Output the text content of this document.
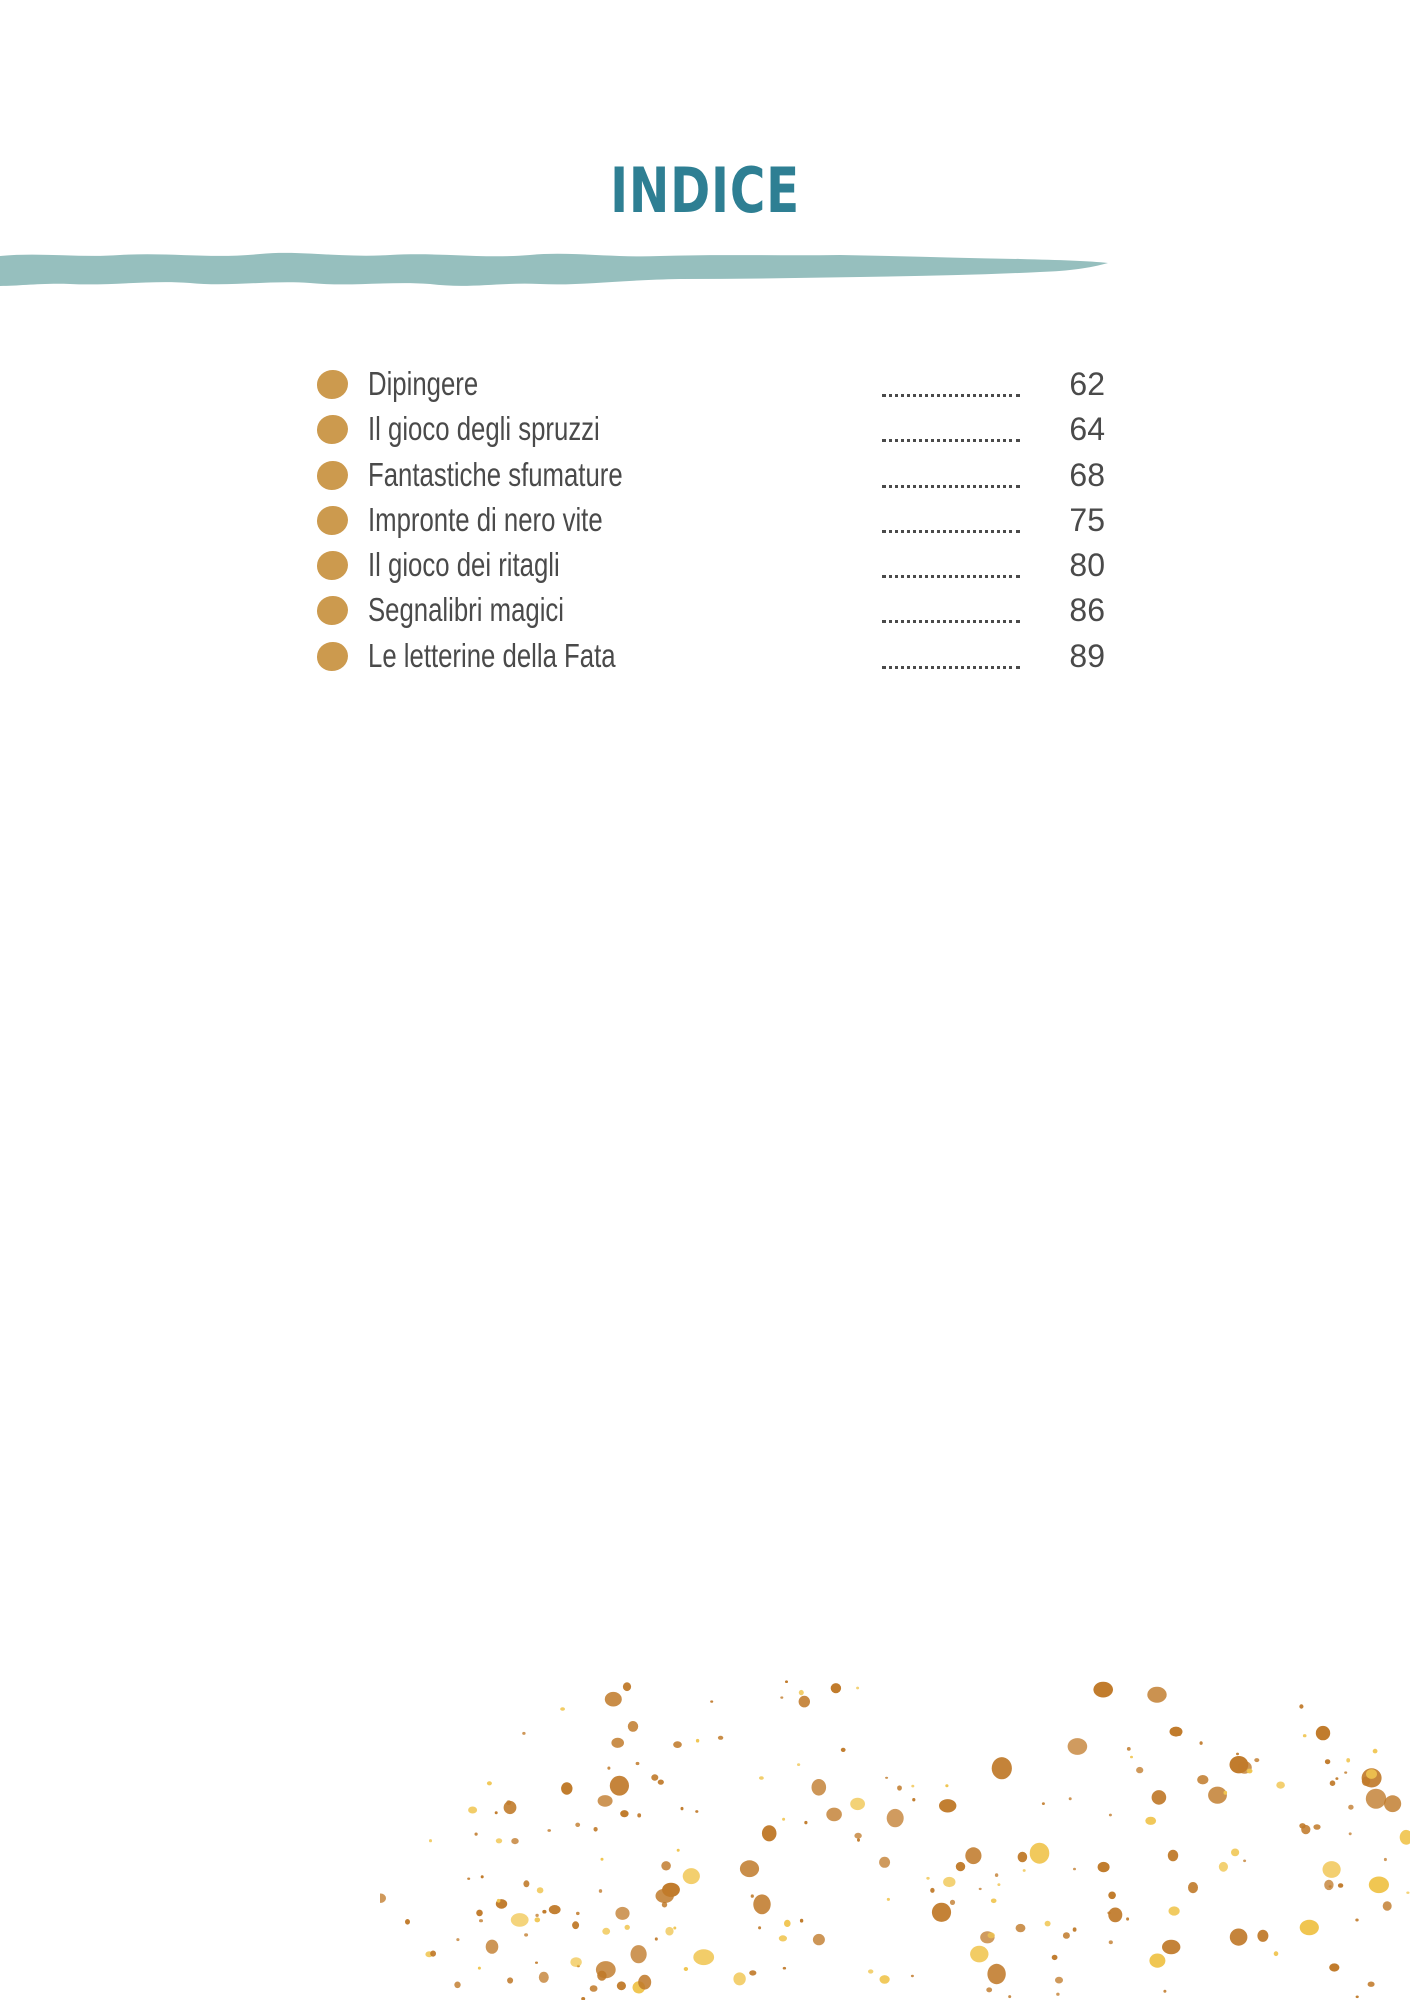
INDICE
Dipingere	62
Il gioco degli spruzzi	64
Fantastiche sfumature	68
Impronte di nero vite	75
Il gioco dei ritagli	80
Segnalibri magici	86
Le letterine della Fata	89
